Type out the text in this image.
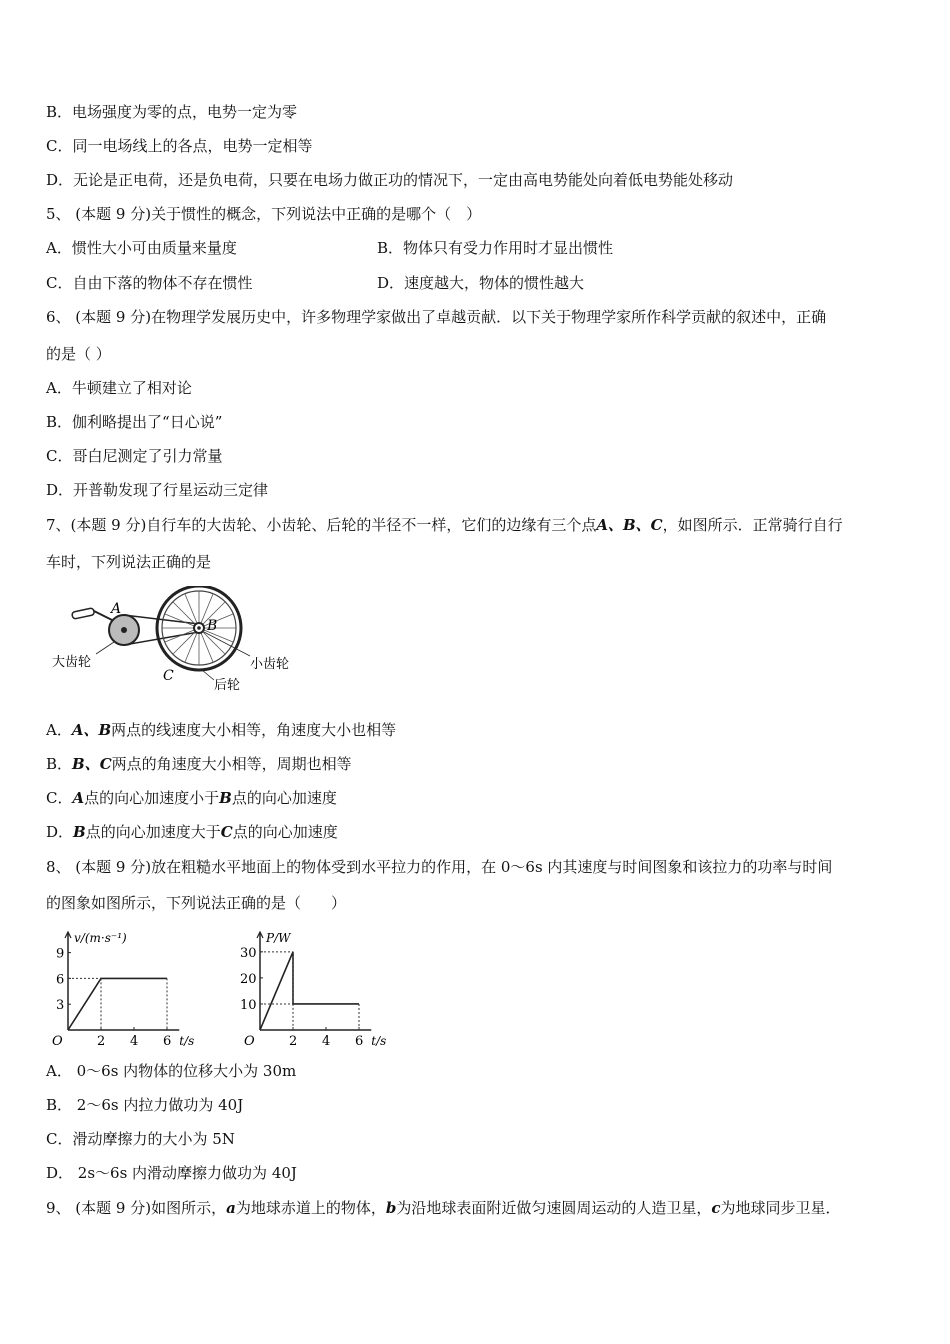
B．电场强度为零的点，电势一定为零
C．同一电场线上的各点，电势一定相等
D．无论是正电荷，还是负电荷，只要在电场力做正功的情况下，一定由高电势能处向着低电势能处移动
5、 (本题 9 分)关于惯性的概念，下列说法中正确的是哪个（　）
A．惯性大小可由质量来量度	B．物体只有受力作用时才显出惯性
C．自由下落的物体不存在惯性	D．速度越大，物体的惯性越大
6、 (本题 9 分)在物理学发展历史中，许多物理学家做出了卓越贡献．以下关于物理学家所作科学贡献的叙述中，正确
的是（ ）
A．牛顿建立了相对论
B．伽利略提出了“日心说”
C．哥白尼测定了引力常量
D．开普勒发现了行星运动三定律
7、(本题 9 分)自行车的大齿轮、小齿轮、后轮的半径不一样，它们的边缘有三个点A、B、C，如图所示．正常骑行自行
车时，下列说法正确的是
A
B
C
大齿轮	小齿轮
后轮
A．A、B两点的线速度大小相等，角速度大小也相等
B．B、C两点的角速度大小相等，周期也相等
C．A点的向心加速度小于B点的向心加速度
D．B点的向心加速度大于C点的向心加速度
8、 (本题 9 分)放在粗糙水平地面上的物体受到水平拉力的作用，在 0～6s 内其速度与时间图象和该拉力的功率与时间
的图象如图所示，下列说法正确的是（　　）
2 4 6
3
6
9
O	t/s
v/(m·s⁻¹)
2 4 6
10
20
30
O	t/s
P/W
A． 0～6s 内物体的位移大小为 30m
B． 2～6s 内拉力做功为 40J
C．滑动摩擦力的大小为 5N
D． 2s～6s 内滑动摩擦力做功为 40J
9、 (本题 9 分)如图所示，a为地球赤道上的物体，b为沿地球表面附近做匀速圆周运动的人造卫星，c为地球同步卫星．
